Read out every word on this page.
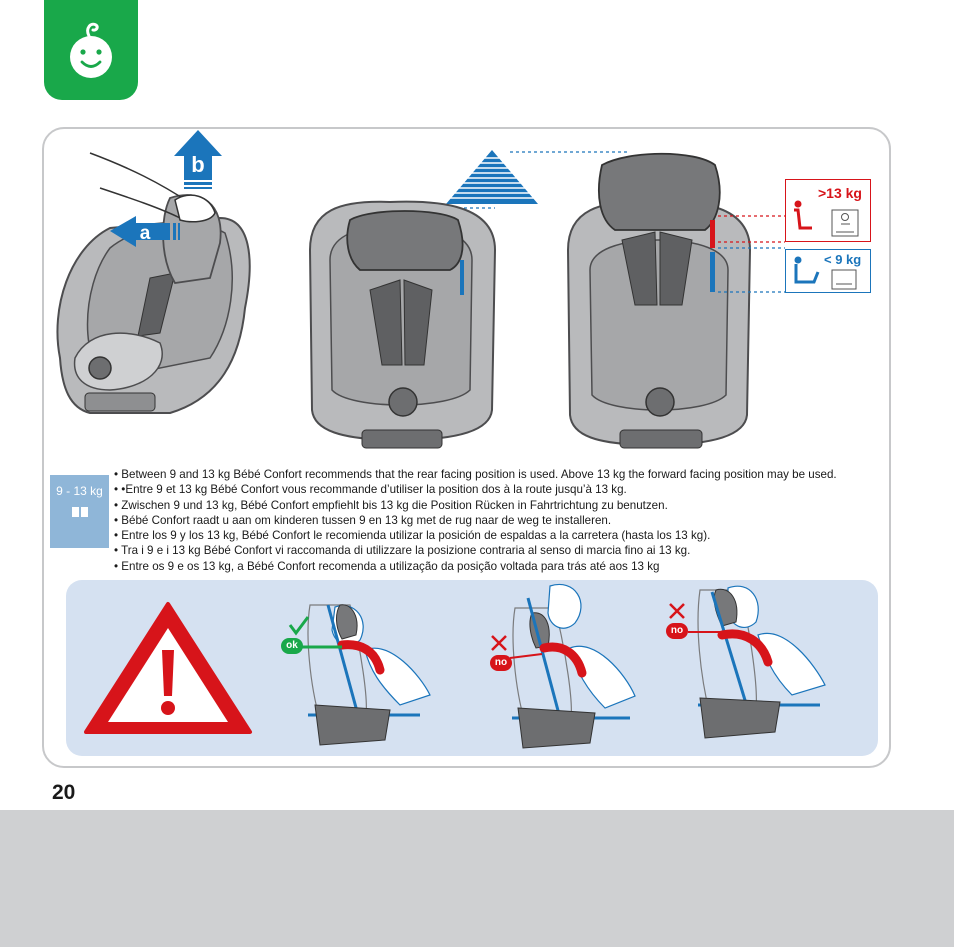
b
a
>13 kg
< 9 kg
9 - 13 kg
• Between 9 and 13 kg Bébé Confort recommends that the rear facing position is used. Above 13 kg the forward facing position may be used.
• •Entre 9 et 13 kg Bébé Confort vous recommande d’utiliser la position dos à la route jusqu’à 13 kg.
• Zwischen 9 und 13 kg, Bébé Confort empfiehlt bis 13 kg die Position Rücken in Fahrtrichtung zu benutzen.
• Bébé Confort raadt u aan om kinderen tussen 9 en 13 kg met de rug naar de weg te installeren.
• Entre los 9 y los 13 kg, Bébé Confort le recomienda utilizar la posición de espaldas a la carretera (hasta los 13 kg).
• Tra i 9 e i 13 kg Bébé Confort vi raccomanda di utilizzare la posizione contraria al senso di marcia fino ai 13 kg.
• Entre os 9 e os 13 kg, a Bébé Confort recomenda a utilização da posição voltada para trás até aos 13 kg
ok
no
no
20
